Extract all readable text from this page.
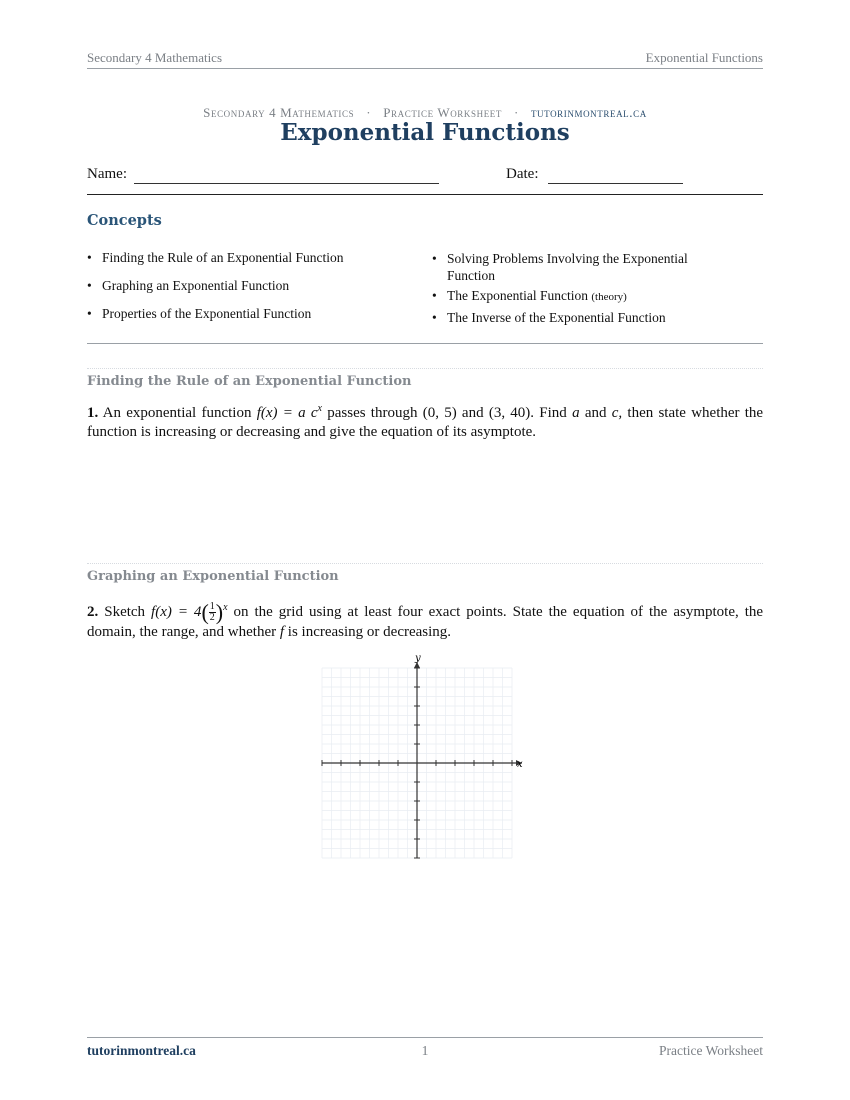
Secondary 4 Mathematics	Exponential Functions
Secondary 4 Mathematics · Practice Worksheet · tutorinmontreal.ca
Exponential Functions
Name:	Date:
Concepts
• Finding the Rule of an Exponential Function
• Graphing an Exponential Function
• Properties of the Exponential Function
• Solving Problems Involving the Exponential Function
• The Exponential Function (theory)
• The Inverse of the Exponential Function
Finding the Rule of an Exponential Function
1. An exponential function f(x) = a $c^x$ passes through (0, 5) and (3, 40). Find a and c, then state whether the function is increasing or decreasing and give the equation of its asymptote.
Graphing an Exponential Function
2. Sketch $f(x) = 4( \frac{1}{2} )^x$ on the grid using at least four exact points. State the equation of the asymptote, the domain, the range, and whether f is increasing or decreasing.
y
x
tutorinmontreal.ca	1	Practice Worksheet
